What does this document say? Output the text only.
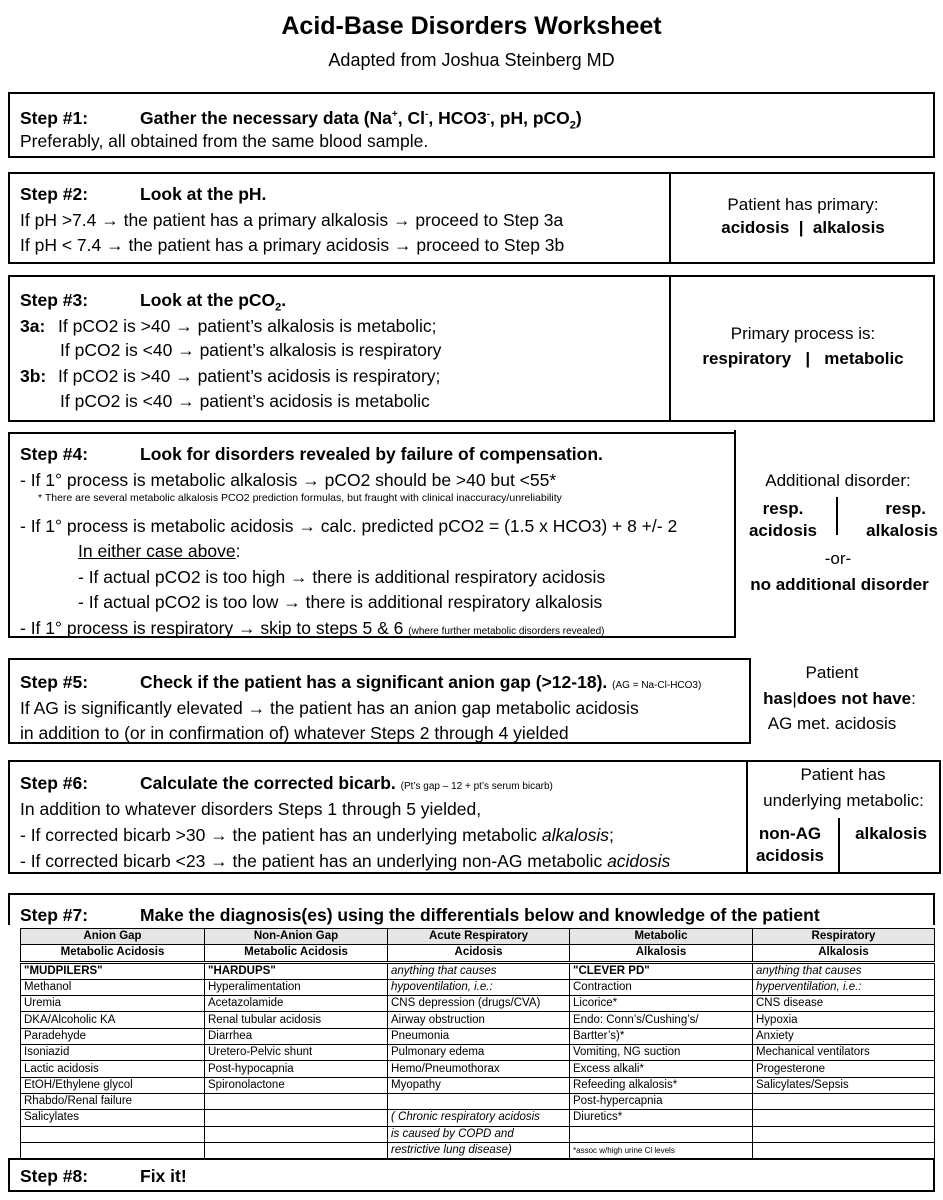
Acid-Base Disorders Worksheet
Adapted from Joshua Steinberg MD
Step #1:	Gather the necessary data (Na+, Cl-, HCO3-, pH, pCO$_2$)
Preferably, all obtained from the same blood sample.
Step #2:	Look at the pH.
If pH >7.4 → the patient has a primary alkalosis → proceed to Step 3a
If pH < 7.4 → the patient has a primary acidosis → proceed to Step 3b
Patient has primary:
acidosis  |  alkalosis
Step #3:	Look at the pCO$_2$.
3a: If pCO2 is >40 → patient’s alkalosis is metabolic;
If pCO2 is <40 → patient’s alkalosis is respiratory
3b: If pCO2 is >40 → patient’s acidosis is respiratory;
If pCO2 is <40 → patient’s acidosis is metabolic
Primary process is:
respiratory   |   metabolic
Step #4:	Look for disorders revealed by failure of compensation.
- If 1° process is metabolic alkalosis → pCO2 should be >40 but <55*
* There are several metabolic alkalosis PCO2 prediction formulas, but fraught with clinical inaccuracy/unreliability
- If 1° process is metabolic acidosis → calc. predicted pCO2 = (1.5 x HCO3) + 8 +/- 2
In either case above:
- If actual pCO2 is too high → there is additional respiratory acidosis
- If actual pCO2 is too low → there is additional respiratory alkalosis
- If 1° process is respiratory → skip to steps 5 & 6 (where further metabolic disorders revealed)
Additional disorder:
resp.
acidosis
resp.
alkalosis
-or-
no additional disorder
Step #5:	Check if the patient has a significant anion gap (>12-18). (AG = Na-Cl-HCO3)
If AG is significantly elevated → the patient has an anion gap metabolic acidosis
in addition to (or in confirmation of) whatever Steps 2 through 4 yielded
Patient
has|does not have:
AG met. acidosis
Step #6:	Calculate the corrected bicarb. (Pt’s gap – 12 + pt’s serum bicarb)
In addition to whatever disorders Steps 1 through 5 yielded,
- If corrected bicarb >30 → the patient has an underlying metabolic alkalosis;
- If corrected bicarb <23 → the patient has an underlying non-AG metabolic acidosis
Patient has
underlying metabolic:
non-AG
acidosis
alkalosis
Step #7:	Make the diagnosis(es) using the differentials below and knowledge of the patient
Anion Gap	Non-Anion Gap	Acute Respiratory	Metabolic	Respiratory
Metabolic Acidosis	Metabolic Acidosis	Acidosis	Alkalosis	Alkalosis
"MUDPILERS"	"HARDUPS"	anything that causes	"CLEVER PD"	anything that causes
Methanol	Hyperalimentation	hypoventilation, i.e.:	Contraction	hyperventilation, i.e.:
Uremia	Acetazolamide	CNS depression (drugs/CVA)	Licorice*	CNS disease
DKA/Alcoholic KA	Renal tubular acidosis	Airway obstruction	Endo: Conn’s/Cushing’s/	Hypoxia
Paradehyde	Diarrhea	Pneumonia	Bartter’s)*	Anxiety
Isoniazid	Uretero-Pelvic shunt	Pulmonary edema	Vomiting, NG suction	Mechanical ventilators
Lactic acidosis	Post-hypocapnia	Hemo/Pneumothorax	Excess alkali*	Progesterone
EtOH/Ethylene glycol	Spironolactone	Myopathy	Refeeding alkalosis*	Salicylates/Sepsis
Rhabdo/Renal failure			Post-hypercapnia	
Salicylates		( Chronic respiratory acidosis	Diuretics*	
		is caused by COPD and		
		restrictive lung disease)	*assoc w/high urine Cl levels	
Step #8:	Fix it!
